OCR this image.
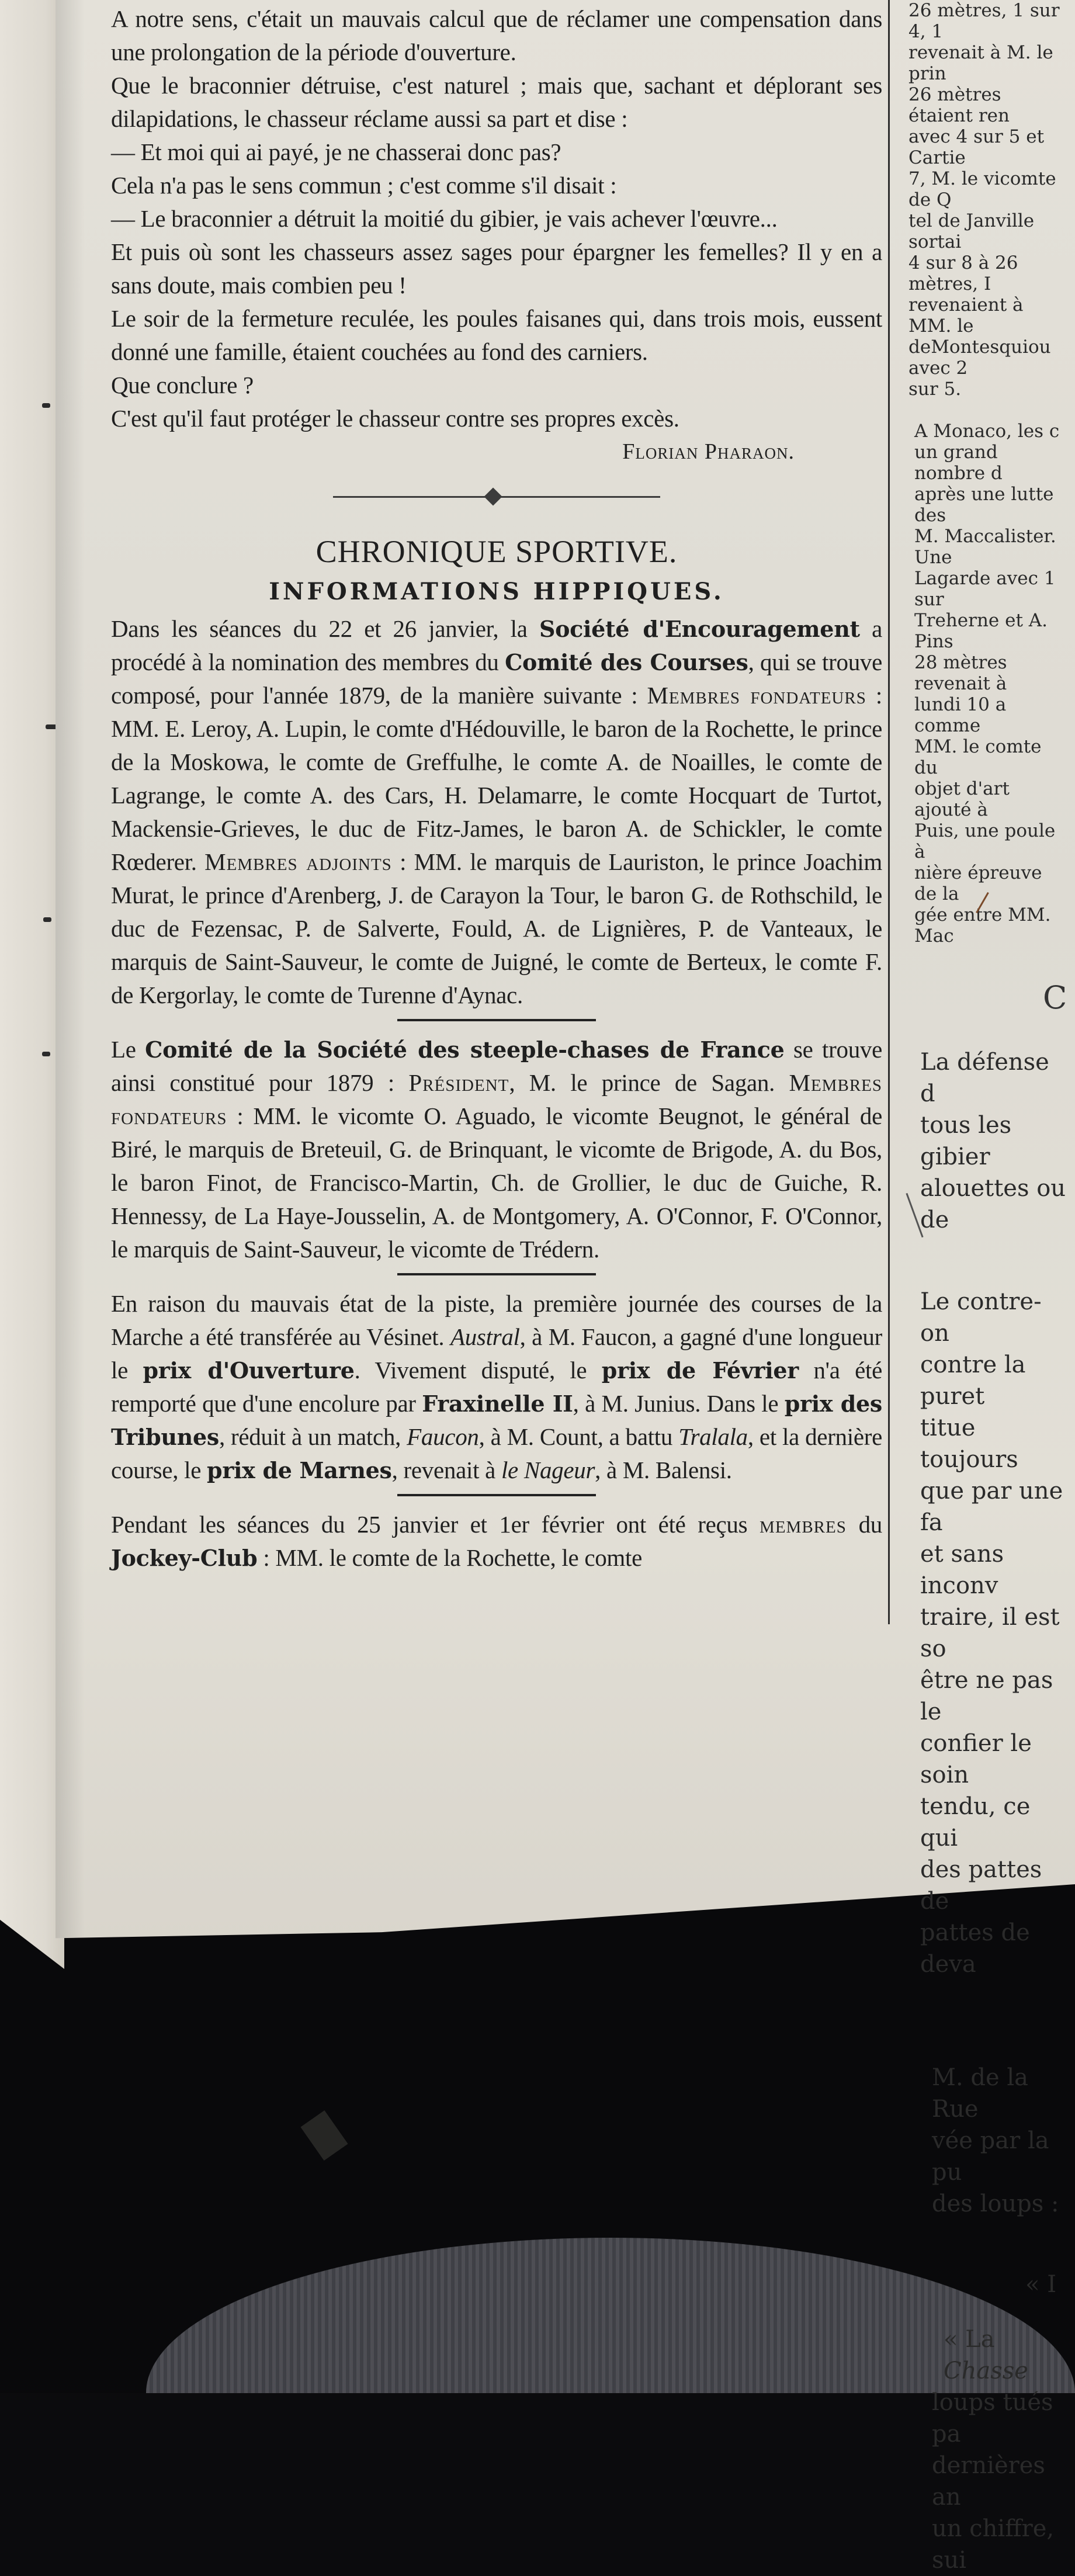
A notre sens, c'était un mauvais calcul que de réclamer une compensation dans une prolongation de la période d'ouverture.

Que le braconnier détruise, c'est naturel ; mais que, sachant et déplorant ses dilapidations, le chasseur réclame aussi sa part et dise :

— Et moi qui ai payé, je ne chasserai donc pas?

Cela n'a pas le sens commun ; c'est comme s'il disait :

— Le braconnier a détruit la moitié du gibier, je vais achever l'œuvre...

Et puis où sont les chasseurs assez sages pour épargner les femelles? Il y en a sans doute, mais combien peu !

Le soir de la fermeture reculée, les poules faisanes qui, dans trois mois, eussent donné une famille, étaient couchées au fond des carniers.

Que conclure ?

C'est qu'il faut protéger le chasseur contre ses propres excès.

Florian Pharaon.
CHRONIQUE SPORTIVE.
INFORMATIONS HIPPIQUES.

Dans les séances du 22 et 26 janvier, la Société d'Encouragement a procédé à la nomination des membres du Comité des Courses, qui se trouve composé, pour l'année 1879, de la manière suivante : Membres fondateurs : MM. E. Leroy, A. Lupin, le comte d'Hédouville, le baron de la Rochette, le prince de la Moskowa, le comte de Greffulhe, le comte A. de Noailles, le comte de Lagrange, le comte A. des Cars, H. Delamarre, le comte Hocquart de Turtot, Mackensie-Grieves, le duc de Fitz-James, le baron A. de Schickler, le comte Rœderer. Membres adjoints : MM. le marquis de Lauriston, le prince Joachim Murat, le prince d'Arenberg, J. de Carayon la Tour, le baron G. de Rothschild, le duc de Fezensac, P. de Salverte, Fould, A. de Lignières, P. de Vanteaux, le marquis de Saint-Sauveur, le comte de Juigné, le comte de Berteux, le comte F. de Kergorlay, le comte de Turenne d'Aynac.

Le Comité de la Société des steeple-chases de France se trouve ainsi constitué pour 1879 : Président, M. le prince de Sagan. Membres fondateurs : MM. le vicomte O. Aguado, le vicomte Beugnot, le général de Biré, le marquis de Breteuil, G. de Brinquant, le vicomte de Brigode, A. du Bos, le baron Finot, de Francisco-Martin, Ch. de Grollier, le duc de Guiche, R. Hennessy, de La Haye-Jousselin, A. de Montgomery, A. O'Connor, F. O'Connor, le marquis de Saint-Sauveur, le vicomte de Trédern.

En raison du mauvais état de la piste, la première journée des courses de la Marche a été transférée au Vésinet. Austral, à M. Faucon, a gagné d'une longueur le prix d'Ouverture. Vivement disputé, le prix de Février n'a été remporté que d'une encolure par Fraxinelle II, à M. Junius. Dans le prix des Tribunes, réduit à un match, Faucon, à M. Count, a battu Tralala, et la dernière course, le prix de Marnes, revenait à le Nageur, à M. Balensi.

Pendant les séances du 25 janvier et 1er février ont été reçus membres du Jockey-Club : MM. le comte de la Rochette, le comte

26 mètres, 1 sur 4, 1

revenait à M. le prin

26 mètres étaient ren

avec 4 sur 5 et Cartie

7, M. le vicomte de Q

tel de Janville sortai

4 sur 8 à 26 mètres, I

revenaient à MM. le

deMontesquiou avec 2

sur 5.

A Monaco, les c

un grand nombre d

après une lutte des

M. Maccalister. Une

Lagarde avec 1 sur

Treherne et A. Pins

28 mètres revenait à

lundi 10 a comme

MM. le comte du

objet d'art ajouté à

Puis, une poule à

nière épreuve de la

gée entre MM. Mac

C

La défense d

tous les gibier

alouettes ou de

Le contre-on

contre la puret

titue toujours

que par une fa

et sans inconv

traire, il est so

être ne pas le

confier le soin

tendu, ce qui

des pattes de

pattes de deva

M. de la Rue

vée par la pu

des loups :

« I

« La Chasse

loups tués pa

dernières an

un chiffre, sui
